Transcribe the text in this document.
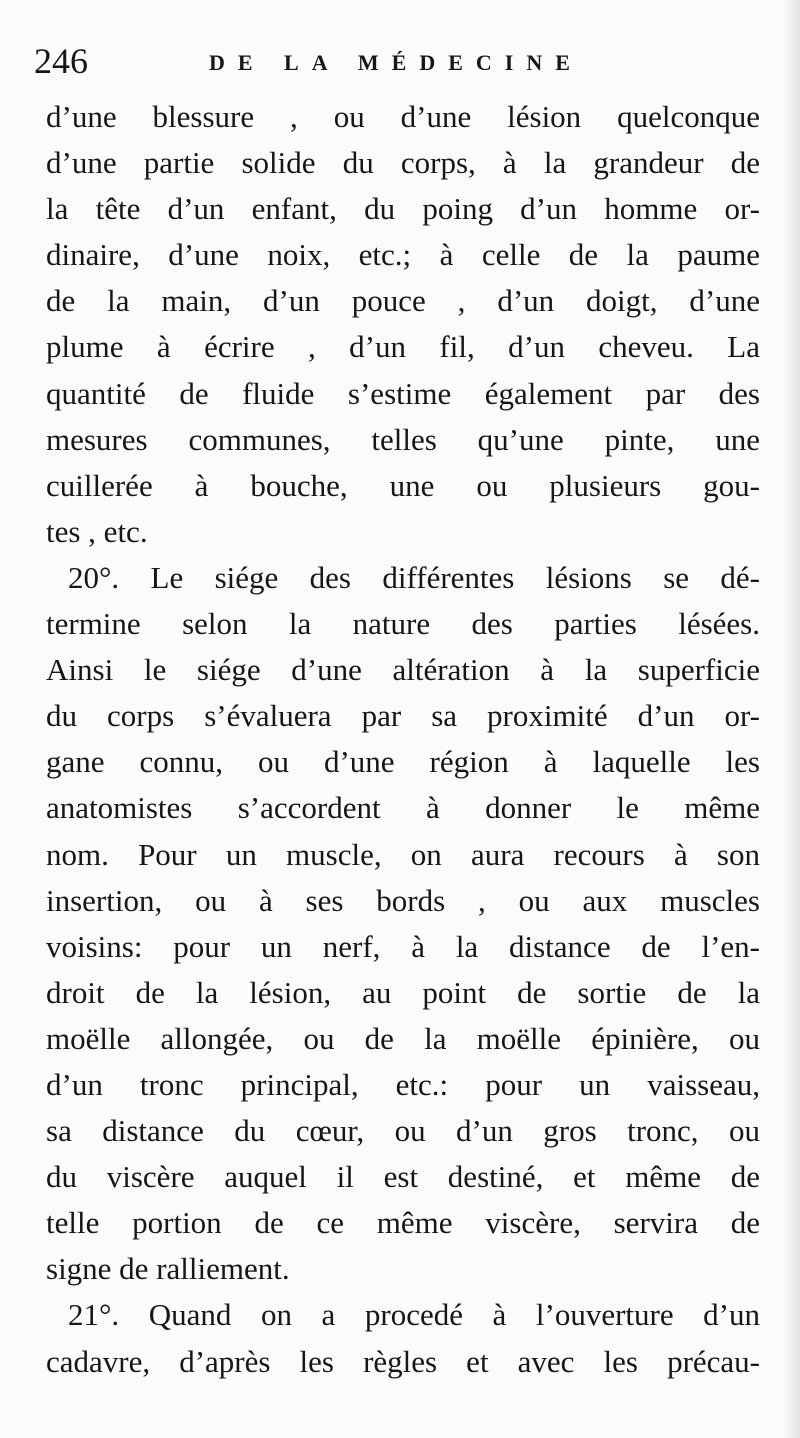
246	DE LA MÉDECINE
d’une blessure , ou d’une lésion quelconque
d’une partie solide du corps, à la grandeur de
la tête d’un enfant, du poing d’un homme or-
dinaire, d’une noix, etc.; à celle de la paume
de la main, d’un pouce , d’un doigt, d’une
plume à écrire , d’un fil, d’un cheveu. La
quantité de fluide s’estime également par des
mesures communes, telles qu’une pinte, une
cuillerée à bouche, une ou plusieurs gou-
tes , etc.
20°. Le siége des différentes lésions se dé-
termine selon la nature des parties lésées.
Ainsi le siége d’une altération à la superficie
du corps s’évaluera par sa proximité d’un or-
gane connu, ou d’une région à laquelle les
anatomistes s’accordent à donner le même
nom. Pour un muscle, on aura recours à son
insertion, ou à ses bords , ou aux muscles
voisins: pour un nerf, à la distance de l’en-
droit de la lésion, au point de sortie de la
moëlle allongée, ou de la moëlle épinière, ou
d’un tronc principal, etc.: pour un vaisseau,
sa distance du cœur, ou d’un gros tronc, ou
du viscère auquel il est destiné, et même de
telle portion de ce même viscère, servira de
signe de ralliement.
21°. Quand on a procedé à l’ouverture d’un
cadavre, d’après les règles et avec les précau-
